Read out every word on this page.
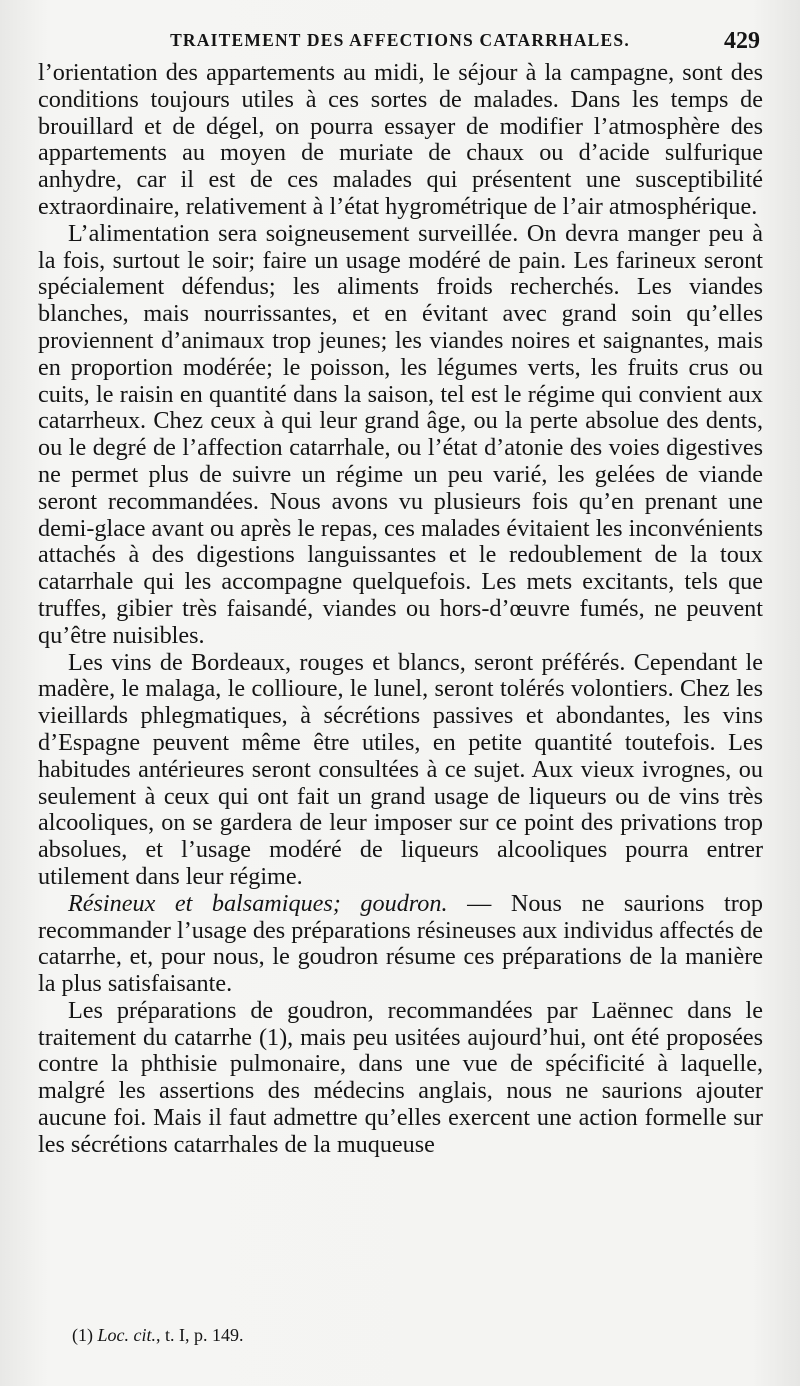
TRAITEMENT DES AFFECTIONS CATARRHALES.	429

l’orientation des appartements au midi, le séjour à la campagne, sont des conditions toujours utiles à ces sortes de malades. Dans les temps de brouillard et de dégel, on pourra essayer de modifier l’atmosphère des appartements au moyen de muriate de chaux ou d’acide sulfurique anhydre, car il est de ces malades qui présentent une susceptibilité extraordinaire, relativement à l’état hygrométrique de l’air atmosphérique.

L’alimentation sera soigneusement surveillée. On devra manger peu à la fois, surtout le soir; faire un usage modéré de pain. Les farineux seront spécialement défendus; les aliments froids recherchés. Les viandes blanches, mais nourrissantes, et en évitant avec grand soin qu’elles proviennent d’animaux trop jeunes; les viandes noires et saignantes, mais en proportion modérée; le poisson, les légumes verts, les fruits crus ou cuits, le raisin en quantité dans la saison, tel est le régime qui convient aux catarrheux. Chez ceux à qui leur grand âge, ou la perte absolue des dents, ou le degré de l’affection catarrhale, ou l’état d’atonie des voies digestives ne permet plus de suivre un régime un peu varié, les gelées de viande seront recommandées. Nous avons vu plusieurs fois qu’en prenant une demi-glace avant ou après le repas, ces malades évitaient les inconvénients attachés à des digestions languissantes et le redoublement de la toux catarrhale qui les accompagne quelquefois. Les mets excitants, tels que truffes, gibier très faisandé, viandes ou hors-d’œuvre fumés, ne peuvent qu’être nuisibles.

Les vins de Bordeaux, rouges et blancs, seront préférés. Cependant le madère, le malaga, le collioure, le lunel, seront tolérés volontiers. Chez les vieillards phlegmatiques, à sécrétions passives et abondantes, les vins d’Espagne peuvent même être utiles, en petite quantité toutefois. Les habitudes antérieures seront consultées à ce sujet. Aux vieux ivrognes, ou seulement à ceux qui ont fait un grand usage de liqueurs ou de vins très alcooliques, on se gardera de leur imposer sur ce point des privations trop absolues, et l’usage modéré de liqueurs alcooliques pourra entrer utilement dans leur régime.

Résineux et balsamiques; goudron. — Nous ne saurions trop recommander l’usage des préparations résineuses aux individus affectés de catarrhe, et, pour nous, le goudron résume ces préparations de la manière la plus satisfaisante.

Les préparations de goudron, recommandées par Laënnec dans le traitement du catarrhe (1), mais peu usitées aujourd’hui, ont été proposées contre la phthisie pulmonaire, dans une vue de spécificité à laquelle, malgré les assertions des médecins anglais, nous ne saurions ajouter aucune foi. Mais il faut admettre qu’elles exercent une action formelle sur les sécrétions catarrhales de la muqueuse

(1) Loc. cit., t. I, p. 149.
